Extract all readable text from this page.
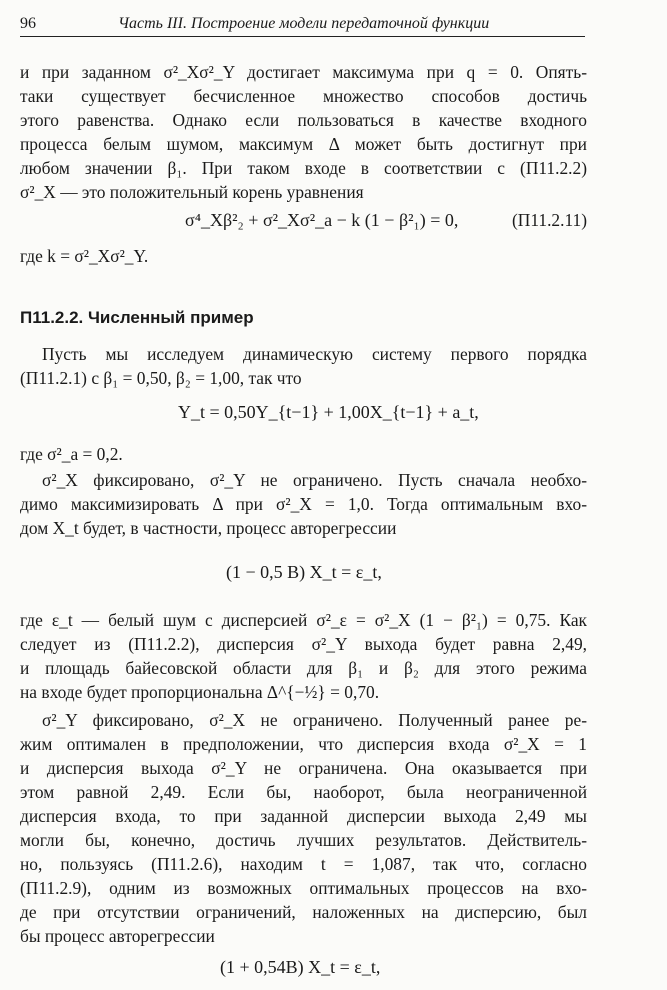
96	Часть III. Построение модели передаточной функции
и при заданном σ²_Xσ²_Y достигает максимума при q = 0. Опять-
таки существует бесчисленное множество способов достичь
этого равенства. Однако если пользоваться в качестве входного
процесса белым шумом, максимум Δ может быть достигнут при
любом значении β₁. При таком входе в соответствии с (П11.2.2)
σ²_X — это положительный корень уравнения
σ⁴_Xβ²₂ + σ²_Xσ²_a − k (1 − β²₁) = 0,	(П11.2.11)
где k = σ²_Xσ²_Y.
П11.2.2. Численный пример
Пусть мы исследуем динамическую систему первого порядка
(П11.2.1) с β₁ = 0,50, β₂ = 1,00, так что
Y_t = 0,50Y_{t−1} + 1,00X_{t−1} + a_t,
где σ²_a = 0,2.
σ²_X фиксировано, σ²_Y не ограничено. Пусть сначала необхо-
димо максимизировать Δ при σ²_X = 1,0. Тогда оптимальным вхо-
дом X_t будет, в частности, процесс авторегрессии
(1 − 0,5 B) X_t = ε_t,
где ε_t — белый шум с дисперсией σ²_ε = σ²_X (1 − β²₁) = 0,75. Как
следует из (П11.2.2), дисперсия σ²_Y выхода будет равна 2,49,
и площадь байесовской области для β₁ и β₂ для этого режима
на входе будет пропорциональна Δ^{−½} = 0,70.
σ²_Y фиксировано, σ²_X не ограничено. Полученный ранее ре-
жим оптимален в предположении, что дисперсия входа σ²_X = 1
и дисперсия выхода σ²_Y не ограничена. Она оказывается при
этом равной 2,49. Если бы, наоборот, была неограниченной
дисперсия входа, то при заданной дисперсии выхода 2,49 мы
могли бы, конечно, достичь лучших результатов. Действитель-
но, пользуясь (П11.2.6), находим t = 1,087, так что, согласно
(П11.2.9), одним из возможных оптимальных процессов на вхо-
де при отсутствии ограничений, наложенных на дисперсию, был
бы процесс авторегрессии
(1 + 0,54B) X_t = ε_t,
